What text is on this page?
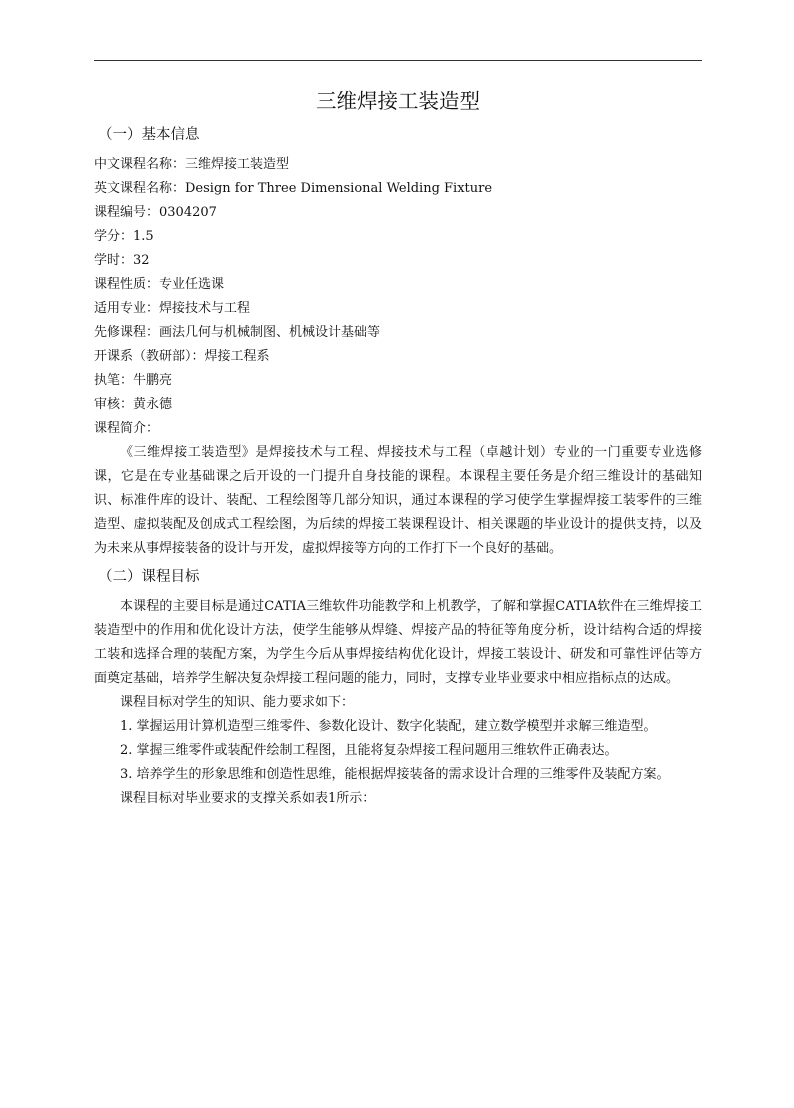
三维焊接工装造型
（一）基本信息
中文课程名称：三维焊接工装造型
英文课程名称：Design for Three Dimensional Welding Fixture
课程编号：0304207
学分：1.5
学时：32
课程性质：专业任选课
适用专业：焊接技术与工程
先修课程：画法几何与机械制图、机械设计基础等
开课系（教研部）：焊接工程系
执笔：牛鹏亮
审核：黄永德
课程简介：

《三维焊接工装造型》是焊接技术与工程、焊接技术与工程（卓越计划）专业的一门重要专业选修课，它是在专业基础课之后开设的一门提升自身技能的课程。本课程主要任务是介绍三维设计的基础知识、标准件库的设计、装配、工程绘图等几部分知识，通过本课程的学习使学生掌握焊接工装零件的三维造型、虚拟装配及创成式工程绘图，为后续的焊接工装课程设计、相关课题的毕业设计的提供支持，以及为未来从事焊接装备的设计与开发，虚拟焊接等方向的工作打下一个良好的基础。

（二）课程目标

本课程的主要目标是通过CATIA三维软件功能教学和上机教学，了解和掌握CATIA软件在三维焊接工装造型中的作用和优化设计方法，使学生能够从焊缝、焊接产品的特征等角度分析，设计结构合适的焊接工装和选择合理的装配方案，为学生今后从事焊接结构优化设计，焊接工装设计、研发和可靠性评估等方面奠定基础，培养学生解决复杂焊接工程问题的能力，同时，支撑专业毕业要求中相应指标点的达成。

课程目标对学生的知识、能力要求如下：

1. 掌握运用计算机造型三维零件、参数化设计、数字化装配，建立数学模型并求解三维造型。

2. 掌握三维零件或装配件绘制工程图，且能将复杂焊接工程问题用三维软件正确表达。

3. 培养学生的形象思维和创造性思维，能根据焊接装备的需求设计合理的三维零件及装配方案。

课程目标对毕业要求的支撑关系如表1所示：
